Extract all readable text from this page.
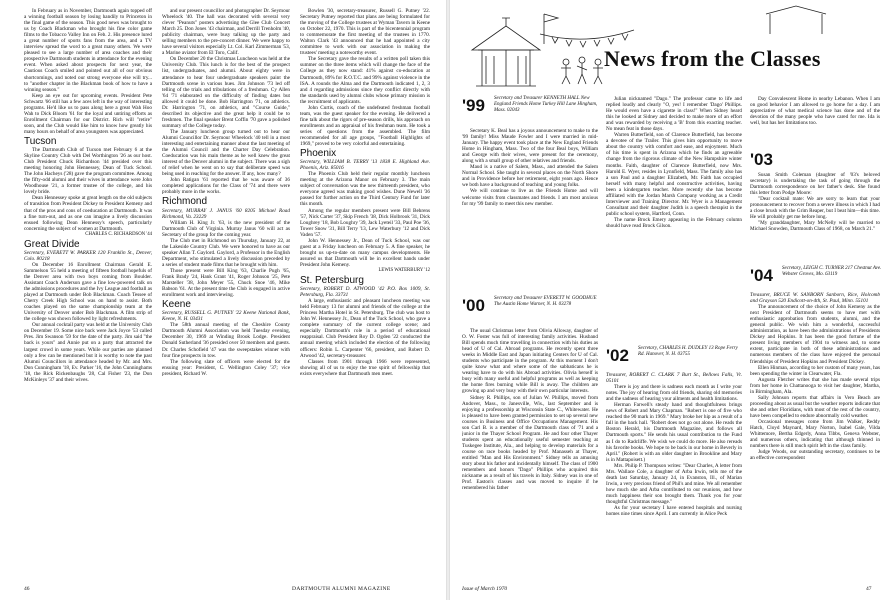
In February as in November, Dartmouth again topped off a winning football season by losing handily to Princeton in the final game of the season. This good news was brought to us by Coach Blackman who brought his fine color game films to the Tobacco Valley Inn on Feb. 2. His presence lured a great number of sports fans from the area, and a TV interview spread the word to a great many others. We were pleased to see a large number of area coaches and their prospective Dartmouth students in attendance for the evening event. When asked about prospects for next year, the Cautious Coach smiled and pointed out all of our obvious shortcomings, and noted our strong everyone else will try... to "another chapter in the Blackman book of how to have a winning season."

Keep an eye out for upcoming events. President Pete Schwartz '66 still has a few aces left in the way of interesting programs. He'd like us to pass along here a great Wah Hoo Wah to Dick Bloom '61 for the loyal and untiring efforts as Enrollment Chairman for our District. Rich will "retire" soon, and the Club would like him to know how greatly his many hours on behalf of area youngsters was appreciated.

Tucson

The Dartmouth Club of Tucson met February 6 at the Skyline Country Club with Del Worthington '26 as our host. Club President Chuck Richardson '44 presided over this meeting honoring John Hennessey, Dean of Tuck School. The John Hacheys ('28) gave the program committee. Among the fifty-odd alumni and their wives in attendance were John Woodhouse '21, a former trustee of the college, and his lovely bride.

Dean Hennessey spoke at great length on the old subjects of transition from President Dickey to President Kemeny and that of the pros and cons of coeducation at Dartmouth. It was a fine turn-out, and as one can imagine a lively discussion ensued following Dean Hennessy's speech, particularly concerning the subject of women at Dartmouth.

CHARLES C. RICHARDSON '44

Great Divide

Secretary, EVERETT W. PARKER 120 Franklin St., Denver, Colo. 80218

On December 16 Enrollment Chairman Gerald E. Sammelson '55 held a meeting of fifteen football hopefuls of the Denver area with two boys coming from Boulder. Assistant Coach Anderson gave a fine low-powered talk on the admissions procedures and the Ivy League and football as played at Dartmouth under Bob Blackman. Coach Tessee of Cherry Creek High School was on hand to assist. Both coaches played on the same championship team at the University of Denver under Bob Blackman. A film strip of the college was shown followed by light refreshments.

Our annual cocktail party was held at the University Club on December 19. Some nice back were Jack Joyce '53 called Pres. Jim Swanson '59 for the date of the party. Jim said "the back is yours" and Annie put on a party that attracted the largest crowd in some years. While our parties are planned only a few can be mentioned but it is worthy to note the past Alumni Councillors in attendance headed by Mr. and Mrs. Don Cunningham '18, Ev. Parker '16, the John Cunninghams '18, the Rick Rickenbaughs '28, Cal Fisher '23, the Don McKinleys '37 and their wives.

and our present councillor and photographer Dr. Seymour Wheelock '40. The hall was decorated with several very clever "Peanuts" posters advertising the Glee Club Concert March 25. Don Jones '43 chairman, and Derrill Trenholm '40, publicity chairman, were busy talking up the party and selling members to the pre-concert dinner. We were happy to have several visitors especially Lt. Col. Karl Zimmerman '53, a Marine aviator from El Toro, Calif.

On December 20 the Christmas Luncheon was held at the University Club. This lunch is for the best of the prospect list, undergraduates, and alumni. About eighty were in attendance to hear four undergraduate speakers paint the Dartmouth scene in various hues. Jim Johnson '73 led off telling of the trials and tribulations of a freshman. Cy Allen '64 '71 elaborated on the difficulty of finding dates but allowed it could be done. Bob Harrington '71, on athletics. Dr. Harrington '71, on athletics, and "Course Guide," described its objective and the great help it could be to freshmen. The final speaker Brent Coffin '70 gave a polished summary of the College today.

The January luncheon group turned out to hear our Alumni Councillor Dr. Seymour Wheelock '40 tell in a most interesting and entertaining manner about the last meeting of the Alumni Council and the Charter Day Celebration. Coeducation was his main theme as he well knew the great interest of the Denver alumni in the subject. There was a sigh of relief when he went on to say that deliberate speed was being used in reaching for the answer. If any, how many?

John Ratigan '61 reported that he was aware of 36 completed applications for the Class of '74 and there were probably more in the works.

Richmond

Secretary, MURRAY J. JANUS '60 8205 Michael Road Richmond, Va. 23229

William H. King Jr. '63, is the new president of the Dartmouth Club of Virginia. Murray Janus '60 will act as Secretary of the group for the coming year.

The Club met in Richmond on Thursday, January 22, at the Lakeside Country Club. We were honored to have as our speaker Allan T. Gaylord. Gaylord, a Professor in the English Department, who stimulated a lively discussion preceded by a series of student made films that he brought with him.

Those present were Bill King '63, Charlie Pugh '65, Frank Brady '24, Hank Grant '41, Roger Johnson '25, Pete Marsteller '38, John Meyer '55, Chuck Snoe '46, Mike Babson '61. At the present time the Club is engaged in active enrollment work and interviewing.

Keene

Secretary, RUSSELL G. PUTNEY '22 Keene National Bank, Keene, N. H. 03431

The 58th annual meeting of the Cheshire County Dartmouth Alumni Association was held Tuesday evening, December 30, 1969 at Winding Brook Lodge. President Donald Sutherland '36 presided over 50 members and guests. Dr. Charles Schofield '47 was the sweepstakes winner with four fine prospects in tow.

The following slate of officers were elected for the ensuing year: President, C. Wellington Coley '37; vice president, Richard W.

Bowlen '30, secretary-treasurer, Russell G. Putney '22. Secretary Putney reported that plans are being formulated for the moving of the College trustees at Wyman Tavern in Keene on October 22, 1970. This is part of the bicentennial program to commemorate the first meeting of the trustees in 1770. Walton Clark '43 announced that he had appointed a city committee to work with our association in making the trustees' meeting a noteworthy event.

The Secretary gave the results of a written poll taken this summer on the three items which will change the face of the College as they now stand: 41% against co-education at Dartmouth, 89% for R.O.T.C. and 99% against violence in the ISA. A rounds the Alma and the Dartmouth indicated 1, 2, 3 and 4 regarding admissions since they conflict directly with the standards used by alumni clubs whose primary mission is the recruitment of applicants.

John Curtis, coach of the undefeated freshman football team, was the guest speaker for the evening. He delivered a fine talk about the rigors of pre-season drills, his approach on enrollments and an appraisal of his freshman team. He took a series of questions from the assembled. The film recommended for all age groups, "Football Highlights of 1969," proved to be very colorful and entertaining.

Phoenix

Secretary, WILLIAM B. TERRY '13 1838 E. Highland Ave. Phoenix, Ariz. 85016

The Phoenix Club held their regular monthly luncheon meeting at the Arizona Manor on February 3. The main subject of conversation was the new thirteenth president, who everyone agreed was making good wishes. Dune Newell '36 passed for further action on the Third Century Fund for later this month.

Among the regular members present were Bill Behrens '57, Nick Carter '37, Skip French '38, Dick Holbrook '31, Dick Loughrey '18, Bob Loughry '39, Jack Lyeteil '33, Paul Poe '36, Tower Snow '31, Bill Terry '13, Lew Waterbury '12 and Dick Vaden '57.

John W. Hennessey Jr., Dean of Tuck School, was our guest at a Friday luncheon on February 5. A fine speaker, he brought us up-to-date on many campus developments. He assured us that Dartmouth will be in excellent hands under President John Kemeny.

LEWIS WATERBURY '12

St. Petersburg

Secretary, ROBERT D. ATWOOD '42 P.O. Box 1009, St. Petersburg, Fla. 33731

A large, enthusiastic and pleasant luncheon meeting was held February 13 for alumni and friends of the college at the Princess Martha Hotel in St. Petersburg. The club was host to John W. Hennessey Jr., Dean of the Tuck School, who gave a complete summary of the current college scene; and especially Dartmouth's role in a period of educational reappraisal. Club President Roy D. Ogden '22 conducted the annual meeting which included the election of the following officers: Robin L. Carpenter '66, president, and Robert D. Atwood '42, secretary-treasurer.

Classes from 1901 through 1966 were represented, showing all of us to enjoy the true spirit of fellowship that exists everywhere that Dartmouth men meet.

46	DARTMOUTH ALUMNI MAGAZINE
News from the Classes
'99 Secretary and Treasurer KENNETH HALL New England Friends Home Turkey Hill Lane Hingham, Mass. 02043

Secretary K. Beal has a joyous announcement to make to the '99 family! Miss Maude Fowler and I were married in mid-January. The happy event took place at the New England Friends Home in Hingham, Mass. Two of the four Beal boys, William and George with their wives, were present for the ceremony, along with a small group of other relatives and friends.

Maud is a native of Salem, Mass., and attended the Salem Normal School. She taught in several places on the North Shore and in Providence before her retirement, eight years ago. Hence we both have a background of teaching and young folks.

We will continue to live as the Friends Home and will welcome visits from classmates and friends. I am most anxious for my '99 family to meet this new member.

'00 Secretary and Treasurer EVERETT W. GOODHUE The Austin Home Warner, N. H. 03278

The usual Christmas letter from Olivia Alloway, daughter of O. W. Foster was full of interesting family activities. Husband Bill spends much time travelling in connection with his duties as head of U of Cal. Abroad programs. He recently spent three weeks in Middle East and Japan initiating Centers for U of Cal. students who participate in the program. At this moment I don't quite know what and where some of the sabbaticans he is wearing have to do with his Abroad activities. Olivia herself is busy with many useful and helpful programs as well as keeping the home fires burning while Bill is away. The children are growing up and very busy with their own particular interests.

Sidney R. Phillips, son of Julian W. Phillips, moved from Andover, Mass., to Janesville, Wis., last September and is enjoying a professorship at Wisconsin State C., Whitewater. He is pleased to have been granted permission to set up several new courses in Business and Office Occupations Management. His son Carl B. is a member of the Dartmouth class of '71 and a junior in the Thayer School Program. He and four other Thayer students spent an educationally useful semester teaching at Tuskegee Institute, Ala., and helping to develop materials for a course on race books headed by Prof. Manasseh at Thayer, entitled "Man and His Environment." Sidney tells an amusing story about his father and incidentally himself. The class of 1900 remembers and honors "Dago" Phillips who acquired this nickname as a result of his travels in Italy. Sidney was in one of Prof. Easton's classes and was moved to inquire if he remembered his father

Julian nicknamed "Dago." The professor came to life and replied loudly and clearly "O, yes! I remember 'Dago' Phillips. He would even have a cigarette in class!" When Sidney heard this he looked at Sidney and decided to make more of an effort and was rewarded by receiving a 'B' from this exacting teacher. No mean feat in those days.

Warren Butterfield, son of Clarence Butterfield, has become a devotee of the Trailer. This gives him opportunity to move about the country with comfort and ease, and enjoyment. Much of his time is spent in Arizona which he finds an agreeable change from the rigorous climate of the New Hampshire winter months. Faith, daughter of Clarence Butterfield, now Mrs. Harold E. Wyer, resides in Lynnfield, Mass. The family also has a son Paul and a daughter Elizabeth, Mr. Faith has occupied herself with many helpful and constructive activities, having been a kindergarten teacher. More recently she has become affiliated with the Jordan Marsh Company working as a Credit Interviewer and Training Director. Mr. Wyer is a Management Consultant and their daughter Judith is a speech therapist in the public school system, Hartford, Conn.

The name Brock Emery appearing in the February column should have read Brock Gilson.

'02 Secretary, CHARLES H. DUDLEY 13 Rope Ferry Rd. Hanover, N. H. 03755

Treasurer, ROBERT C. CLARK 7 Burt St., Bellows Falls, Vt. 05101

There is joy and there is sadness each month as I write your notes. The joy of hearing from old friends, sharing old memories and the sadness of hearing your ailments and health limitations.

Herman Farwell's steady hand and thoughtfulness brings news of Robert and Mary Chapman. "Robert is one of five who reached the 90 mark in 1969." Mary broke her hip as a result of a fall in the back hall. "Robert does not go out alone. He reads the Boston Herald, his Dartmouth Magazine, and follows all Dartmouth sports." He sends his usual contribution to the Fund as I do to Radcliffe. We wish we could do more. He also rereads his favorite books. We hope to be back in our home in Beverly in April." (Robert is with an older daughter in Brookline and Mary is in Mattapoisett.)

Mrs. Philip P. Thompson writes: "Dear Charles, A letter from Mrs. Wallace Cole, a daughter of Arba Irwin, tells me of the death last Saturday, January 24, in Evanston, Ill., of Marian Irwin, a very precious friend of Phil's and mine. We all remember how much she and Arba contributed to our reunions, and how much happiness their son brought them. Thank you for your thoughtful Christmas message."

As for your secretary I have entered hospitals and nursing homes nine times since April. I am currently in Alice Peck

Day Convalescent Home in nearby Lebanon. When I am on good behavior I am allowed to go home for a day. I am appreciative of what medical science has done and of the devotion of the many people who have cared for me. Ida is well, but has her limitations too.

'03

Susan Smith Coleman (daughter of '03's beloved secretary) is undertaking the task of going through the Dartmouth correspondence on her father's desk. She found this letter from Podge Moore:

"Dear cocktail mate: We are sorry to learn that your pronouncement to recover from a severe illness in which I had a close brush with the Grim Reaper, but I beat him—this time. He will probably get me before long.

"My granddaughter, Mary McNelly will be married to Michael Snowden, Dartmouth Class of 1968, on March 21."

'04 Secretary, LEIGH C. TURNER 217 Chestnut Ave. Webster Groves, Mo. 63119

Treasurer, BRUCE W. SANBORN Sanborn, Rice, Holcomb and Grayson 520 Endicott-on-4th, St. Paul, Minn. 55101

The announcement of the choice of John Kemeny as the next President of Dartmouth seems to have met with enthusiastic approbation from students, alumni, and the general public. We wish him a wonderful, successful administration, as have been the administrations of Presidents Dickey and Hopkins. It has been the good fortune of the present living members of 1904 to witness and, to some extent, participate in both of these administrations and numerous members of the class have enjoyed the personal friendships of President Hopkins and President Dickey.

Ellen Hinman, according to her custom of many years, has been spending the winter in Clearwater, Fla.

Augusta Fletcher writes that she has made several trips from her home in Chattanooga to visit her daughter, Martha, in Birmingham, Ala.

Sally Johnson reports that affairs in Vero Beach are proceeding about as usual but the weather reports indicate that she and other Floridians, with most of the rest of the country, have been compelled to endure abnormally cold weather.

Occasional messages come from Jim Walker, Reddy Hatch, Cloyd Maynard, Mary Norton, Isabel Gale, Vilda Whittemore, Bertha Edgerly, Anna Tibbs, Geneva Webster, and numerous others, indicating that although thinned in numbers there is still much spirit left in the class family.

Judge Woods, our outstanding secretary, continues to be an effective correspondent

Issue of March 1970	47
